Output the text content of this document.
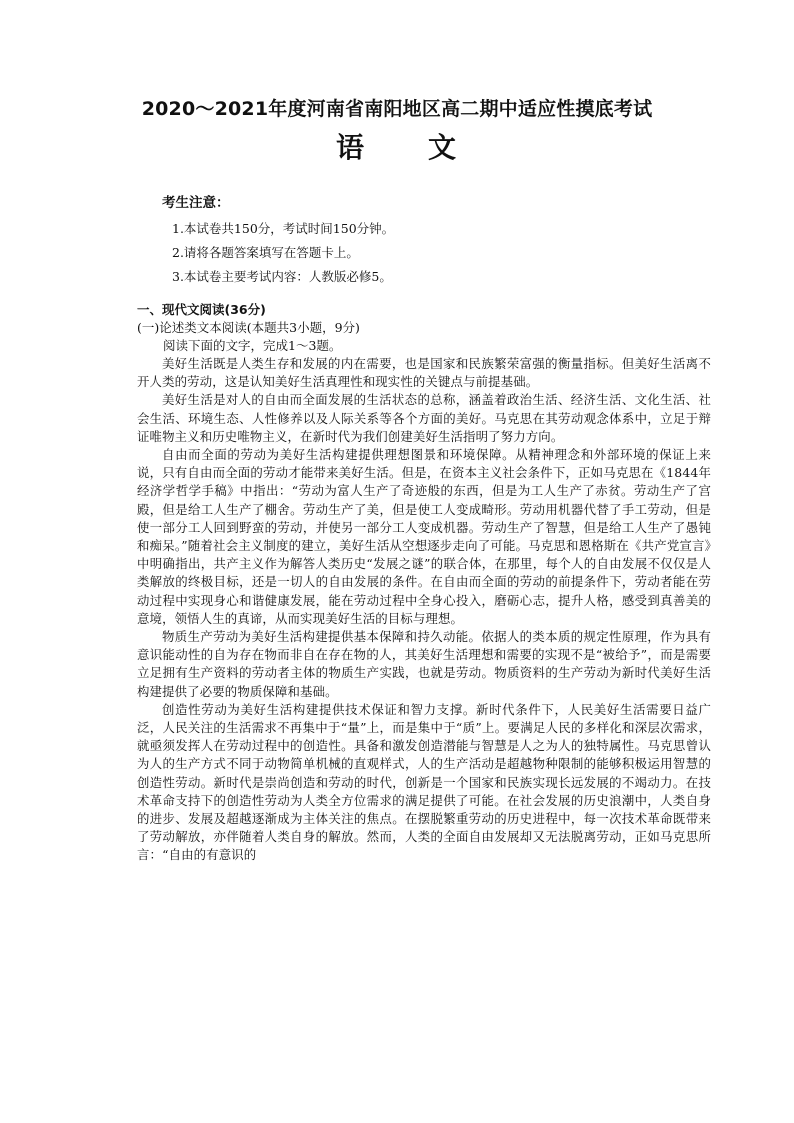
2020～2021年度河南省南阳地区高二期中适应性摸底考试
语 文
考生注意：
1.本试卷共150分，考试时间150分钟。
2.请将各题答案填写在答题卡上。
3.本试卷主要考试内容：人教版必修5。
一、现代文阅读(36分)
(一)论述类文本阅读(本题共3小题，9分)
阅读下面的文字，完成1～3题。

美好生活既是人类生存和发展的内在需要，也是国家和民族繁荣富强的衡量指标。但美好生活离不开人类的劳动，这是认知美好生活真理性和现实性的关键点与前提基础。

美好生活是对人的自由而全面发展的生活状态的总称，涵盖着政治生活、经济生活、文化生活、社会生活、环境生态、人性修养以及人际关系等各个方面的美好。马克思在其劳动观念体系中，立足于辩证唯物主义和历史唯物主义，在新时代为我们创建美好生活指明了努力方向。

自由而全面的劳动为美好生活构建提供理想图景和环境保障。从精神理念和外部环境的保证上来说，只有自由而全面的劳动才能带来美好生活。但是，在资本主义社会条件下，正如马克思在《1844年经济学哲学手稿》中指出：“劳动为富人生产了奇迹般的东西，但是为工人生产了赤贫。劳动生产了宫殿，但是给工人生产了棚舍。劳动生产了美，但是使工人变成畸形。劳动用机器代替了手工劳动，但是使一部分工人回到野蛮的劳动，并使另一部分工人变成机器。劳动生产了智慧，但是给工人生产了愚钝和痴呆。”随着社会主义制度的建立，美好生活从空想逐步走向了可能。马克思和恩格斯在《共产党宣言》中明确指出，共产主义作为解答人类历史“发展之谜”的联合体，在那里，每个人的自由发展不仅仅是人类解放的终极目标，还是一切人的自由发展的条件。在自由而全面的劳动的前提条件下，劳动者能在劳动过程中实现身心和谐健康发展，能在劳动过程中全身心投入，磨砺心志，提升人格，感受到真善美的意境，领悟人生的真谛，从而实现美好生活的目标与理想。

物质生产劳动为美好生活构建提供基本保障和持久动能。依据人的类本质的规定性原理，作为具有意识能动性的自为存在物而非自在存在物的人，其美好生活理想和需要的实现不是“被给予”，而是需要立足拥有生产资料的劳动者主体的物质生产实践，也就是劳动。物质资料的生产劳动为新时代美好生活构建提供了必要的物质保障和基础。

创造性劳动为美好生活构建提供技术保证和智力支撑。新时代条件下，人民美好生活需要日益广泛，人民关注的生活需求不再集中于“量”上，而是集中于“质”上。要满足人民的多样化和深层次需求，就亟须发挥人在劳动过程中的创造性。具备和激发创造潜能与智慧是人之为人的独特属性。马克思曾认为人的生产方式不同于动物简单机械的直观样式，人的生产活动是超越物种限制的能够积极运用智慧的创造性劳动。新时代是崇尚创造和劳动的时代，创新是一个国家和民族实现长远发展的不竭动力。在技术革命支持下的创造性劳动为人类全方位需求的满足提供了可能。在社会发展的历史浪潮中，人类自身的进步、发展及超越逐渐成为主体关注的焦点。在摆脱繁重劳动的历史进程中，每一次技术革命既带来了劳动解放，亦伴随着人类自身的解放。然而，人类的全面自由发展却又无法脱离劳动，正如马克思所言：“自由的有意识的
